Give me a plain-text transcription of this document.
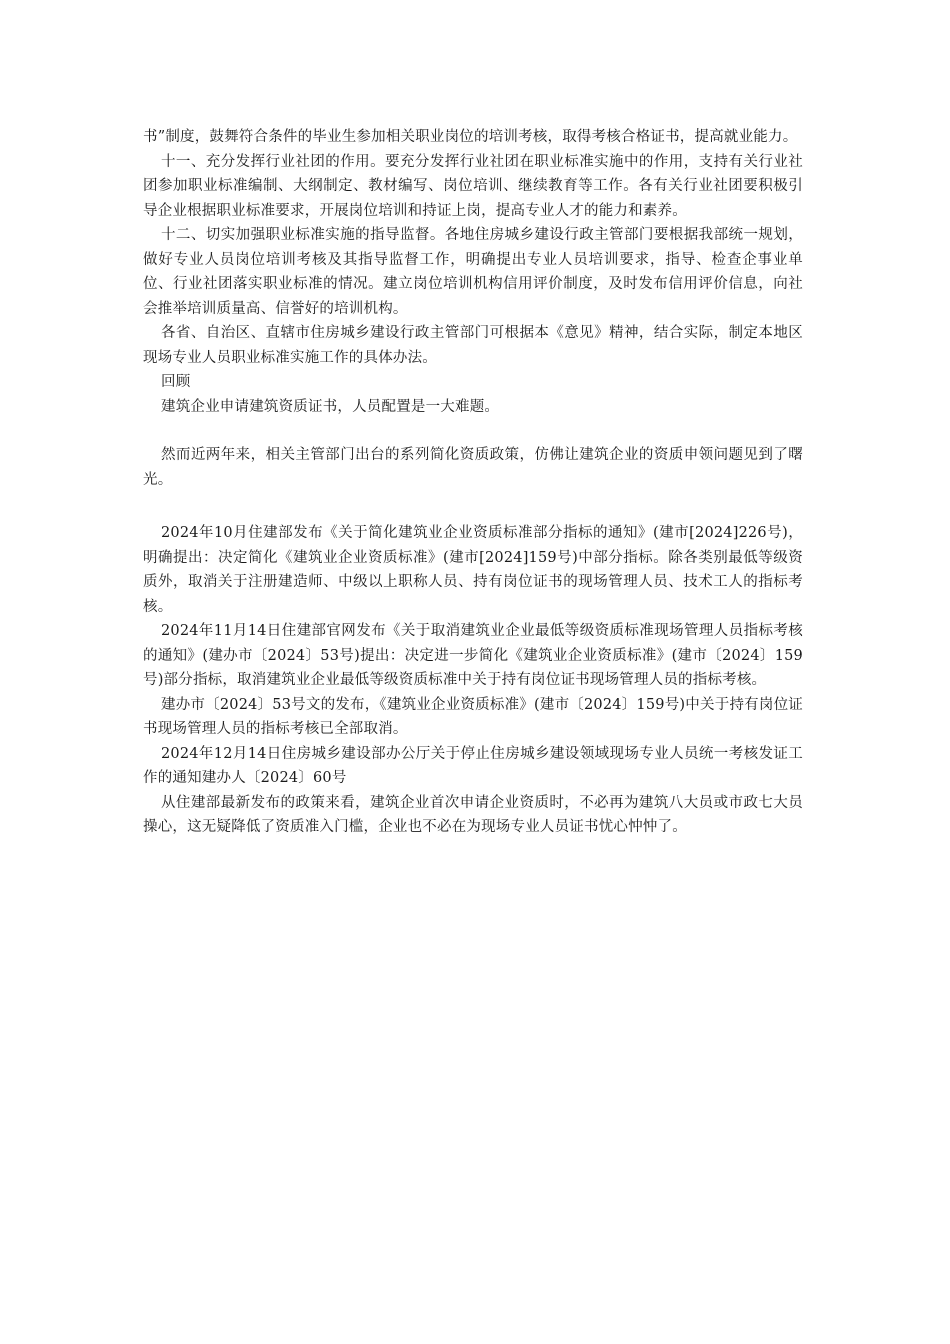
书”制度，鼓舞符合条件的毕业生参加相关职业岗位的培训考核，取得考核合格证书，提高就业能力。

十一、充分发挥行业社团的作用。要充分发挥行业社团在职业标准实施中的作用，支持有关行业社团参加职业标准编制、大纲制定、教材编写、岗位培训、继续教育等工作。各有关行业社团要积极引导企业根据职业标准要求，开展岗位培训和持证上岗，提高专业人才的能力和素养。

十二、切实加强职业标准实施的指导监督。各地住房城乡建设行政主管部门要根据我部统一规划，做好专业人员岗位培训考核及其指导监督工作，明确提出专业人员培训要求，指导、检查企事业单位、行业社团落实职业标准的情况。建立岗位培训机构信用评价制度，及时发布信用评价信息，向社会推举培训质量高、信誉好的培训机构。

各省、自治区、直辖市住房城乡建设行政主管部门可根据本《意见》精神，结合实际，制定本地区现场专业人员职业标准实施工作的具体办法。

回顾

建筑企业申请建筑资质证书，人员配置是一大难题。

然而近两年来，相关主管部门出台的系列简化资质政策，仿佛让建筑企业的资质申领问题见到了曙光。

2024年10月住建部发布《关于简化建筑业企业资质标准部分指标的通知》(建市[2024]226号)，明确提出：决定简化《建筑业企业资质标准》(建市[2024]159号)中部分指标。除各类别最低等级资质外，取消关于注册建造师、中级以上职称人员、持有岗位证书的现场管理人员、技术工人的指标考核。

2024年11月14日住建部官网发布《关于取消建筑业企业最低等级资质标准现场管理人员指标考核的通知》(建办市〔2024〕53号)提出：决定进一步简化《建筑业企业资质标准》(建市〔2024〕159号)部分指标，取消建筑业企业最低等级资质标准中关于持有岗位证书现场管理人员的指标考核。

建办市〔2024〕53号文的发布，《建筑业企业资质标准》(建市〔2024〕159号)中关于持有岗位证书现场管理人员的指标考核已全部取消。

2024年12月14日住房城乡建设部办公厅关于停止住房城乡建设领域现场专业人员统一考核发证工作的通知建办人〔2024〕60号

从住建部最新发布的政策来看，建筑企业首次申请企业资质时，不必再为建筑八大员或市政七大员操心，这无疑降低了资质准入门槛，企业也不必在为现场专业人员证书忧心忡忡了。
